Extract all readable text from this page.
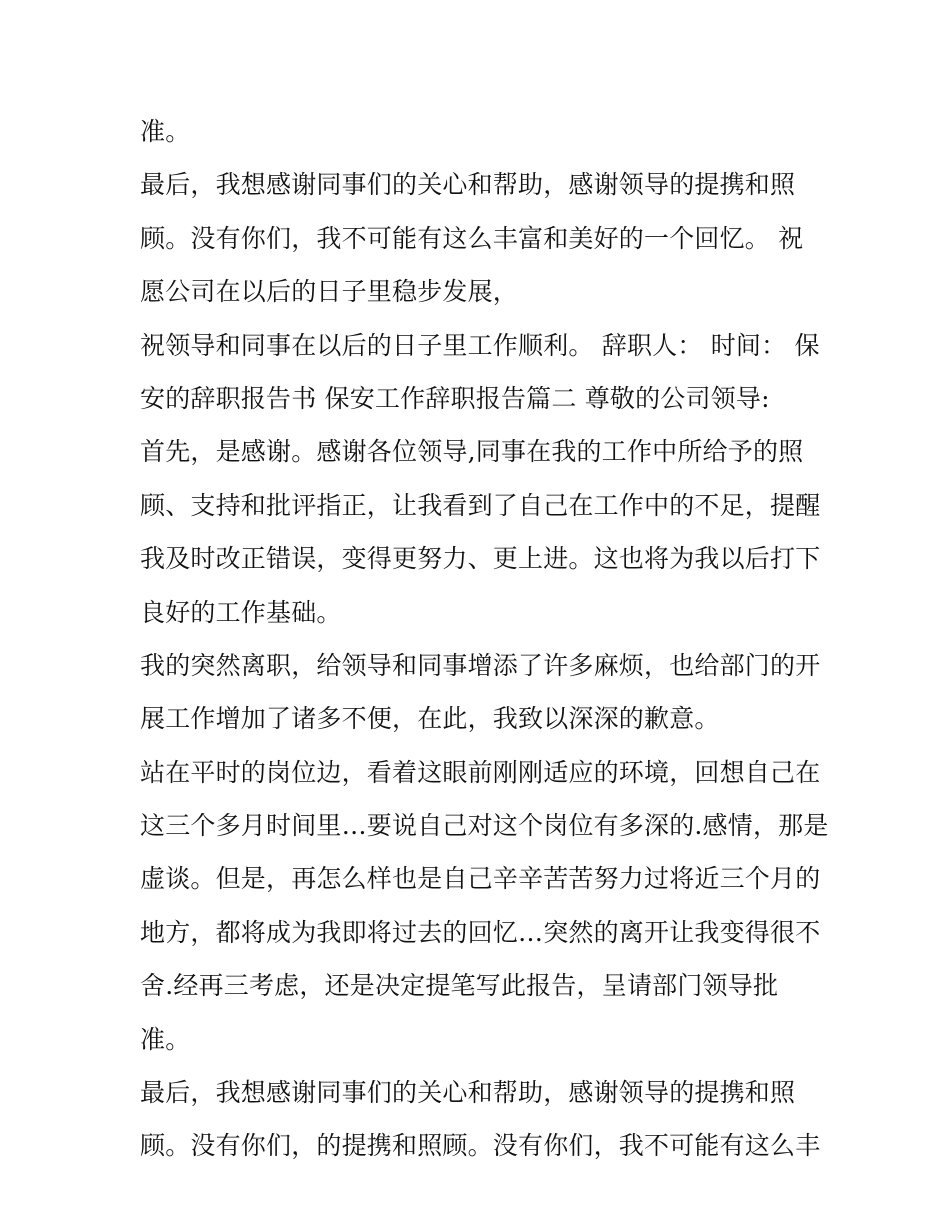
准。
最后，我想感谢同事们的关心和帮助，感谢领导的提携和照
顾。没有你们，我不可能有这么丰富和美好的一个回忆。 祝
愿公司在以后的日子里稳步发展，
祝领导和同事在以后的日子里工作顺利。 辞职人： 时间： 保
安的辞职报告书 保安工作辞职报告篇二 尊敬的公司领导:
首先，是感谢。感谢各位领导,同事在我的工作中所给予的照
顾、支持和批评指正，让我看到了自己在工作中的不足，提醒
我及时改正错误，变得更努力、更上进。这也将为我以后打下
良好的工作基础。
我的突然离职，给领导和同事增添了许多麻烦，也给部门的开
展工作增加了诸多不便，在此，我致以深深的歉意。
站在平时的岗位边，看着这眼前刚刚适应的环境，回想自己在
这三个多月时间里…要说自己对这个岗位有多深的.感情，那是
虚谈。但是，再怎么样也是自己辛辛苦苦努力过将近三个月的
地方，都将成为我即将过去的回忆…突然的离开让我变得很不
舍.经再三考虑，还是决定提笔写此报告，呈请部门领导批
准。
最后，我想感谢同事们的关心和帮助，感谢领导的提携和照
顾。没有你们，的提携和照顾。没有你们，我不可能有这么丰
